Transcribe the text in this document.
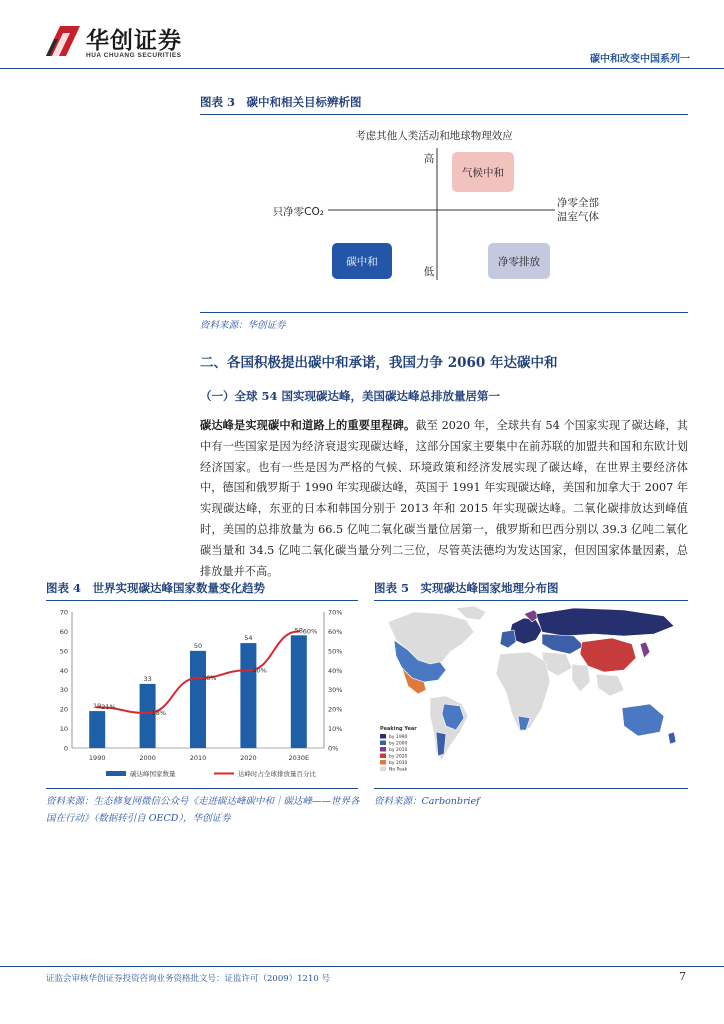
华创证券
HUA CHUANG SECURITIES	碳中和改变中国系列一
图表 3　碳中和相关目标辨析图
考虑其他人类活动和地球物理效应
高
低
只净零CO₂
净零全部
温室气体
气候中和
碳中和	净零排放
资料来源：华创证券
二、各国积极提出碳中和承诺，我国力争 2060 年达碳中和
（一）全球 54 国实现碳达峰，美国碳达峰总排放量居第一
碳达峰是实现碳中和道路上的重要里程碑。截至 2020 年，全球共有 54 个国家实现了碳达峰，其中有一些国家是因为经济衰退实现碳达峰，这部分国家主要集中在前苏联的加盟共和国和东欧计划经济国家。也有一些是因为严格的气候、环境政策和经济发展实现了碳达峰，在世界主要经济体中，德国和俄罗斯于 1990 年实现碳达峰，英国于 1991 年实现碳达峰，美国和加拿大于 2007 年实现碳达峰，东亚的日本和韩国分别于 2013 年和 2015 年实现碳达峰。二氧化碳排放达到峰值时，美国的总排放量为 66.5 亿吨二氧化碳当量位居第一，俄罗斯和巴西分别以 39.3 亿吨二氧化碳当量和 34.5 亿吨二氧化碳当量分列二三位，尽管英法德均为发达国家，但因国家体量因素，总排放量并不高。
图表 4　世界实现碳达峰国家数量变化趋势
19
33
50
54
58
21%
18%
36%
40%
60%
0
10
20
30
40
50
60
70
0%
10%
20%
30%
40%
50%
60%
70%
1990	2000	2010	2020	2030E
碳达峰国家数量	达峰时占全球排放量百分比
资料来源：生态修复网微信公众号《走进碳达峰碳中和｜碳达峰——世界各国在行动》（数据转引自 OECD），华创证券
图表 5　实现碳达峰国家地理分布图
Peaking Year
by 1990
by 2000
by 2010
by 2020
by 2030
No Peak
资料来源：Carbonbrief
证监会审核华创证券投资咨询业务资格批文号：证监许可（2009）1210 号	7
